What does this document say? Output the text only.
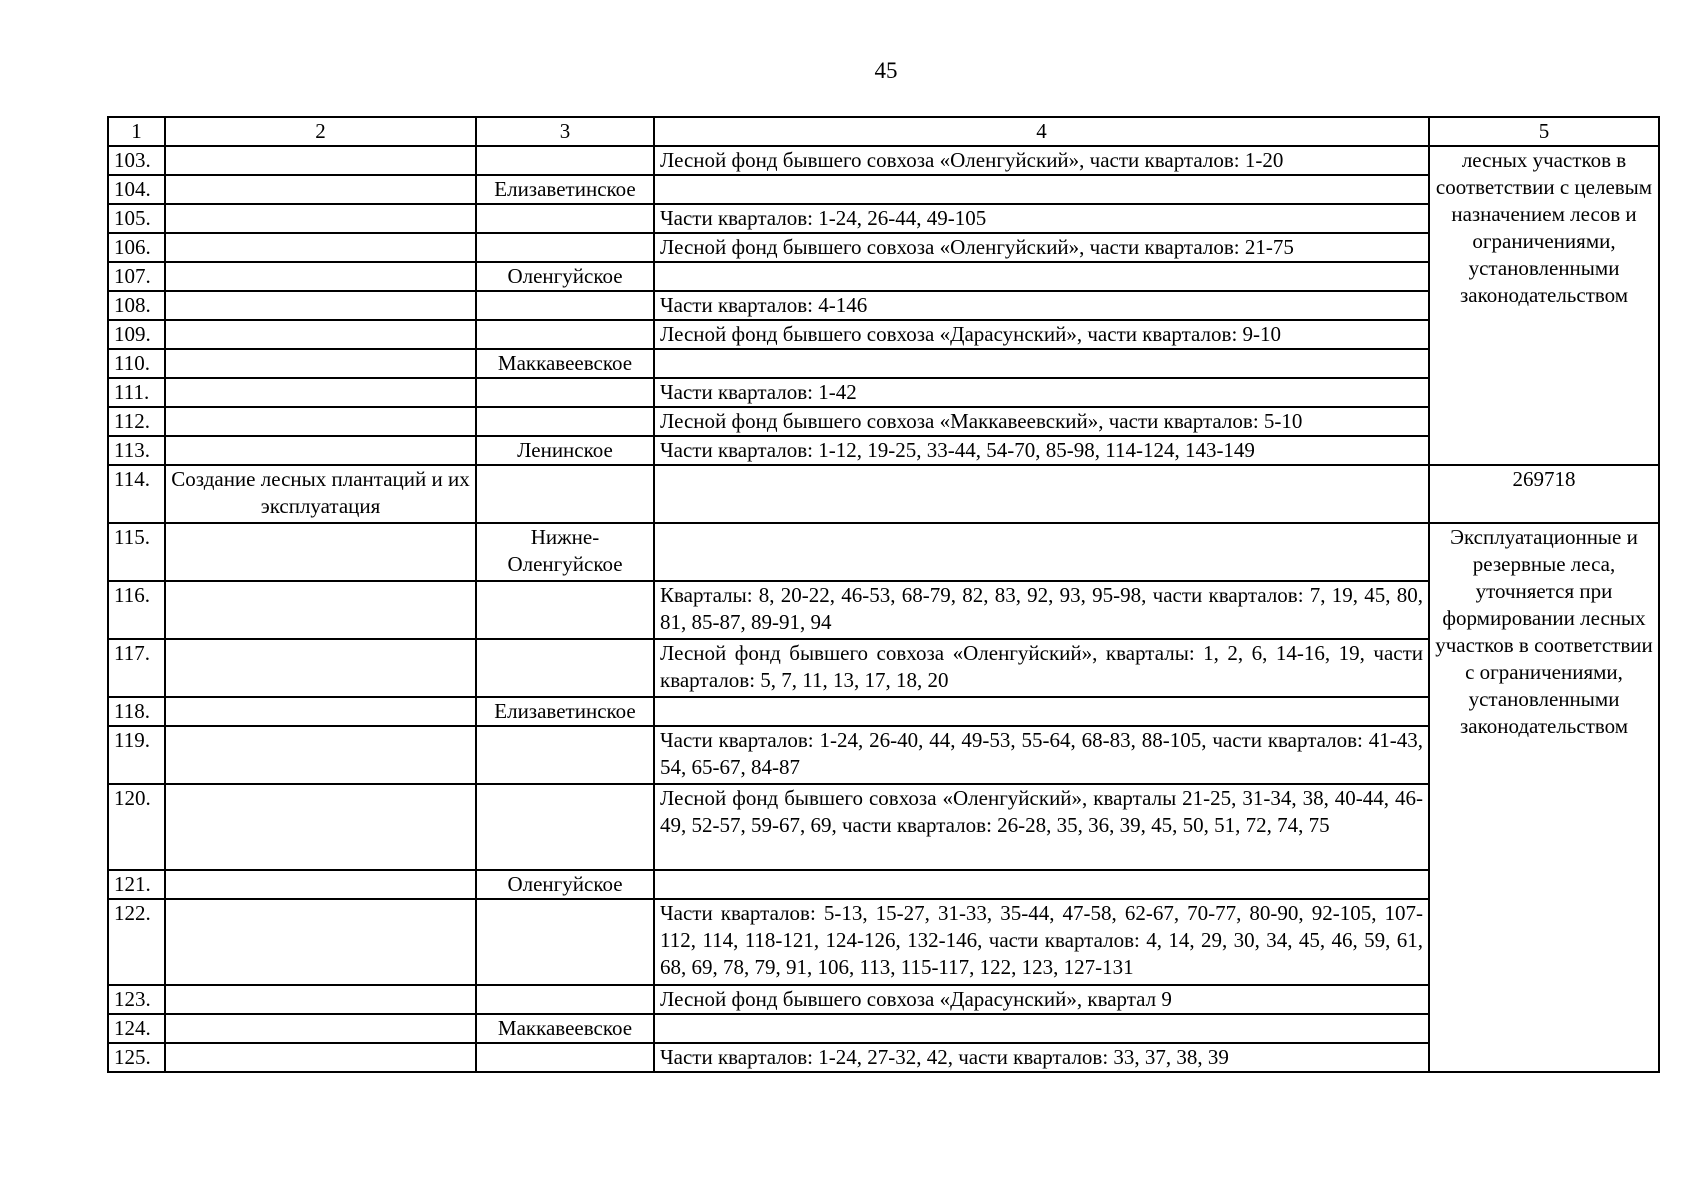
45
1	2	3	4	5
103.			Лесной фонд бывшего совхоза «Оленгуйский», части кварталов: 1-20	лесных участков в соответствии с целевым назначением лесов и ограничениями, установленными законодательством
104.		Елизаветинское		
105.			Части кварталов: 1-24, 26-44, 49-105	
106.			Лесной фонд бывшего совхоза «Оленгуйский», части кварталов: 21-75	
107.		Оленгуйское		
108.			Части кварталов: 4-146	
109.			Лесной фонд бывшего совхоза «Дарасунский», части кварталов: 9-10	
110.		Маккавеевское		
111.			Части кварталов: 1-42	
112.			Лесной фонд бывшего совхоза «Маккавеевский», части кварталов: 5-10	
113.		Ленинское	Части кварталов: 1-12, 19-25, 33-44, 54-70, 85-98, 114-124, 143-149	
114.	Создание лесных плантаций и их эксплуатация			269718
115.		Нижне-Оленгуйское		Эксплуатационные и резервные леса, уточняется при формировании лесных участков в соответствии с ограничениями, установленными законодательством
116.			Кварталы: 8, 20-22, 46-53, 68-79, 82, 83, 92, 93, 95-98, части кварталов: 7, 19, 45, 80, 81, 85-87, 89-91, 94	
117.			Лесной фонд бывшего совхоза «Оленгуйский», кварталы: 1, 2, 6, 14-16, 19, части кварталов: 5, 7, 11, 13, 17, 18, 20	
118.		Елизаветинское		
119.			Части кварталов: 1-24, 26-40, 44, 49-53, 55-64, 68-83, 88-105, части кварталов: 41-43, 54, 65-67, 84-87	
120.			Лесной фонд бывшего совхоза «Оленгуйский», кварталы 21-25, 31-34, 38, 40-44, 46-49, 52-57, 59-67, 69, части кварталов: 26-28, 35, 36, 39, 45, 50, 51, 72, 74, 75	
121.		Оленгуйское		
122.			Части кварталов: 5-13, 15-27, 31-33, 35-44, 47-58, 62-67, 70-77, 80-90, 92-105, 107-112, 114, 118-121, 124-126, 132-146, части кварталов: 4, 14, 29, 30, 34, 45, 46, 59, 61, 68, 69, 78, 79, 91, 106, 113, 115-117, 122, 123, 127-131	
123.			Лесной фонд бывшего совхоза «Дарасунский», квартал 9	
124.		Маккавеевское		
125.			Части кварталов: 1-24, 27-32, 42, части кварталов: 33, 37, 38, 39	
